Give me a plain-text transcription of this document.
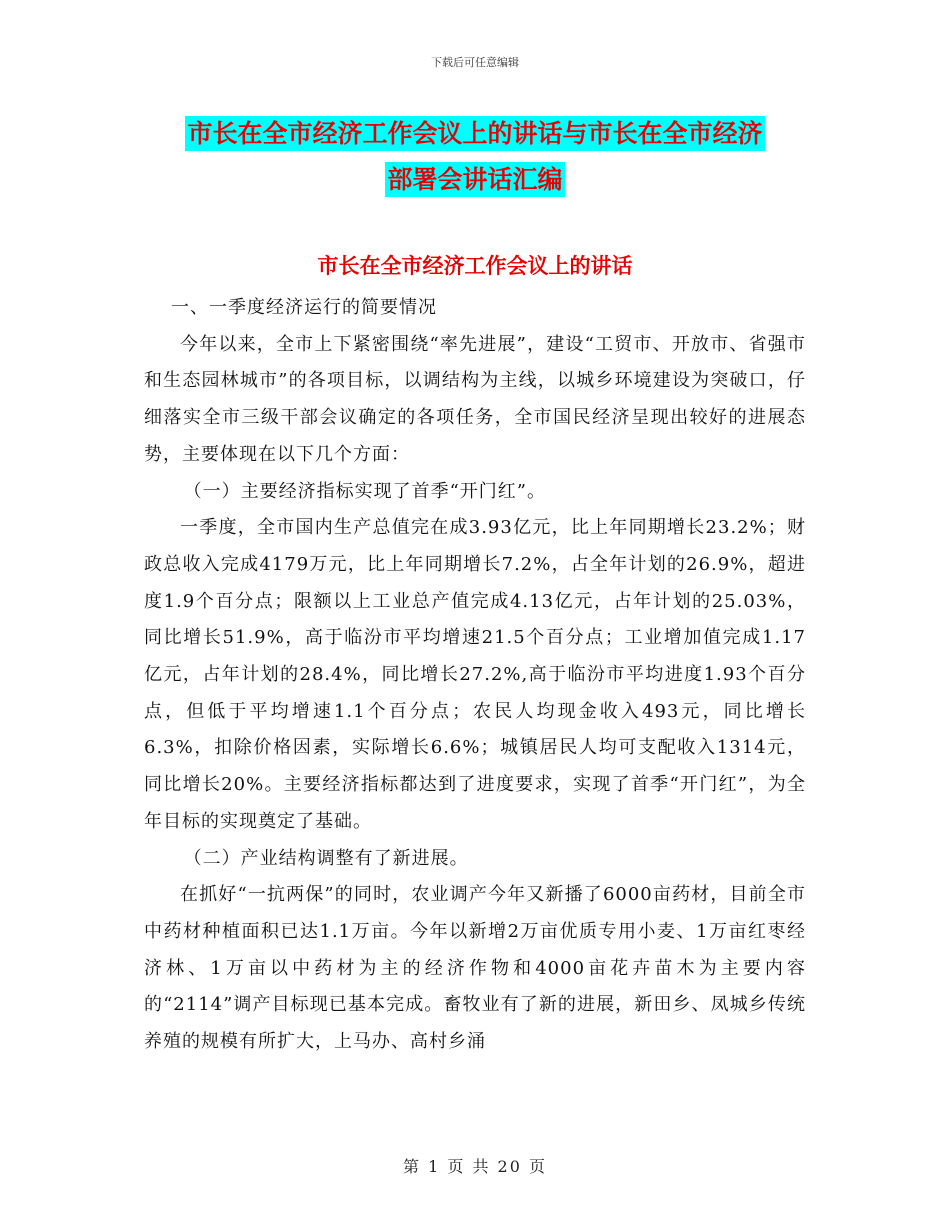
下载后可任意编辑
市长在全市经济工作会议上的讲话与市长在全市经济
部署会讲话汇编
市长在全市经济工作会议上的讲话

一、一季度经济运行的简要情况

今年以来，全市上下紧密围绕“率先进展”，建设“工贸市、开放市、省强市和生态园林城市”的各项目标，以调结构为主线，以城乡环境建设为突破口，仔细落实全市三级干部会议确定的各项任务，全市国民经济呈现出较好的进展态势，主要体现在以下几个方面：

（一）主要经济指标实现了首季“开门红”。

一季度，全市国内生产总值完在成3.93亿元，比上年同期增长23.2%；财政总收入完成4179万元，比上年同期增长7.2%，占全年计划的26.9%，超进度1.9个百分点；限额以上工业总产值完成4.13亿元，占年计划的25.03%，同比增长51.9%，高于临汾市平均增速21.5个百分点；工业增加值完成1.17亿元，占年计划的28.4%，同比增长27.2%,高于临汾市平均进度1.93个百分点，但低于平均增速1.1个百分点；农民人均现金收入493元，同比增长6.3%，扣除价格因素，实际增长6.6%；城镇居民人均可支配收入1314元，同比增长20%。主要经济指标都达到了进度要求，实现了首季“开门红”，为全年目标的实现奠定了基础。

（二）产业结构调整有了新进展。

在抓好“一抗两保”的同时，农业调产今年又新播了6000亩药材，目前全市中药材种植面积已达1.1万亩。今年以新增2万亩优质专用小麦、1万亩红枣经济林、1万亩以中药材为主的经济作物和4000亩花卉苗木为主要内容的“2114”调产目标现已基本完成。畜牧业有了新的进展，新田乡、凤城乡传统养殖的规模有所扩大，上马办、高村乡涌

第 1 页 共 20 页
